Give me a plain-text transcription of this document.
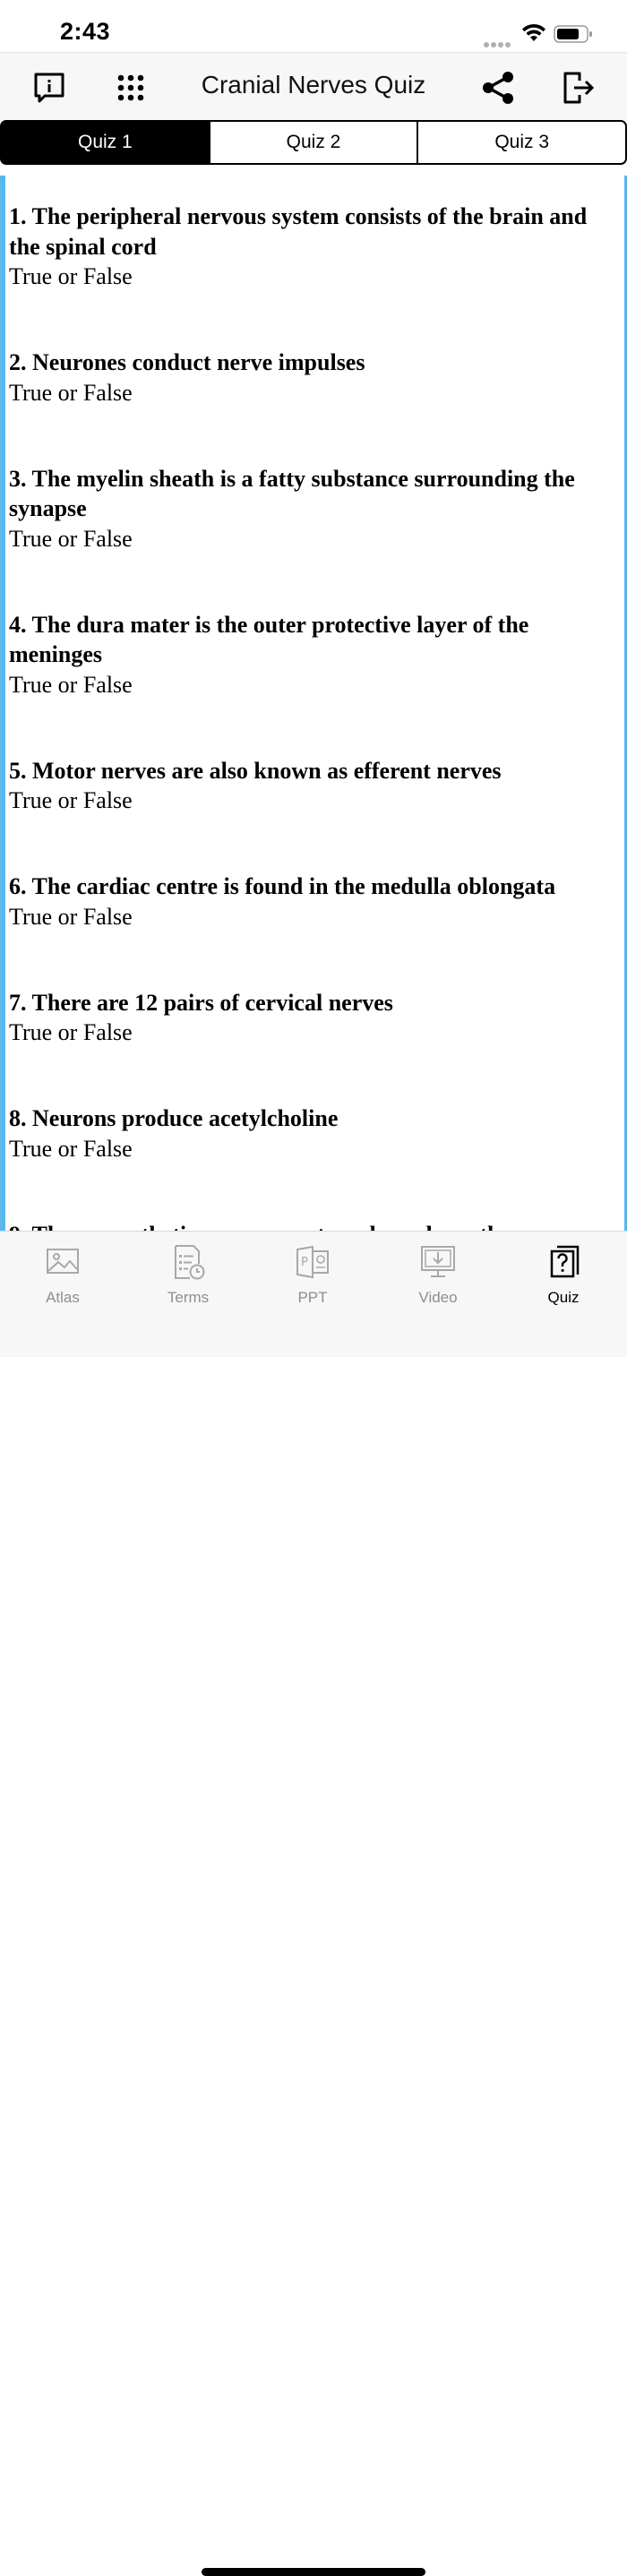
2:43
Cranial Nerves Quiz
Quiz 1	Quiz 2	Quiz 3
1. The peripheral nervous system consists of the brain and the spinal cord
True or False
2. Neurones conduct nerve impulses
True or False
3. The myelin sheath is a fatty substance surrounding the synapse
True or False
4. The dura mater is the outer protective layer of the meninges
True or False
5. Motor nerves are also known as efferent nerves
True or False
6. The cardiac centre is found in the medulla oblongata
True or False
7. There are 12 pairs of cervical nerves
True or False
8. Neurons produce acetylcholine
True or False
Atlas	Terms
P
PPT	Video	Quiz
